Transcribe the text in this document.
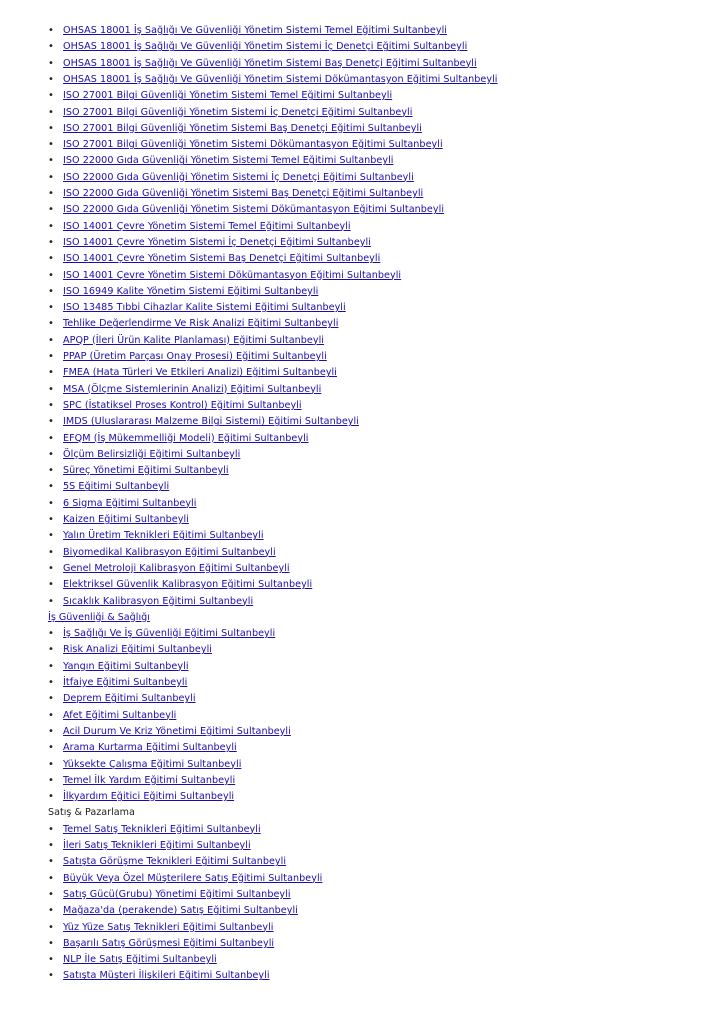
• OHSAS 18001 İş Sağlığı Ve Güvenliği Yönetim Sistemi Temel Eğitimi Sultanbeyli
• OHSAS 18001 İş Sağlığı Ve Güvenliği Yönetim Sistemi İç Denetçi Eğitimi Sultanbeyli
• OHSAS 18001 İş Sağlığı Ve Güvenliği Yönetim Sistemi Baş Denetçi Eğitimi Sultanbeyli
• OHSAS 18001 İş Sağlığı Ve Güvenliği Yönetim Sistemi Dökümantasyon Eğitimi Sultanbeyli
• ISO 27001 Bilgi Güvenliği Yönetim Sistemi Temel Eğitimi Sultanbeyli
• ISO 27001 Bilgi Güvenliği Yönetim Sistemi İç Denetçi Eğitimi Sultanbeyli
• ISO 27001 Bilgi Güvenliği Yönetim Sistemi Baş Denetçi Eğitimi Sultanbeyli
• ISO 27001 Bilgi Güvenliği Yönetim Sistemi Dökümantasyon Eğitimi Sultanbeyli
• ISO 22000 Gıda Güvenliği Yönetim Sistemi Temel Eğitimi Sultanbeyli
• ISO 22000 Gıda Güvenliği Yönetim Sistemi İç Denetçi Eğitimi Sultanbeyli
• ISO 22000 Gıda Güvenliği Yönetim Sistemi Baş Denetçi Eğitimi Sultanbeyli
• ISO 22000 Gıda Güvenliği Yönetim Sistemi Dökümantasyon Eğitimi Sultanbeyli
• ISO 14001 Çevre Yönetim Sistemi Temel Eğitimi Sultanbeyli
• ISO 14001 Çevre Yönetim Sistemi İç Denetçi Eğitimi Sultanbeyli
• ISO 14001 Çevre Yönetim Sistemi Baş Denetçi Eğitimi Sultanbeyli
• ISO 14001 Çevre Yönetim Sistemi Dökümantasyon Eğitimi Sultanbeyli
• ISO 16949 Kalite Yönetim Sistemi Eğitimi Sultanbeyli
• ISO 13485 Tıbbi Cihazlar Kalite Sistemi Eğitimi Sultanbeyli
• Tehlike Değerlendirme Ve Risk Analizi Eğitimi Sultanbeyli
• APQP (İleri Ürün Kalite Planlaması) Eğitimi Sultanbeyli
• PPAP (Üretim Parçası Onay Prosesi) Eğitimi Sultanbeyli
• FMEA (Hata Türleri Ve Etkileri Analizi) Eğitimi Sultanbeyli
• MSA (Ölçme Sistemlerinin Analizi) Eğitimi Sultanbeyli
• SPC (İstatiksel Proses Kontrol) Eğitimi Sultanbeyli
• IMDS (Uluslararası Malzeme Bilgi Sistemi) Eğitimi Sultanbeyli
• EFQM (İş Mükemmelliği Modeli) Eğitimi Sultanbeyli
• Ölçüm Belirsizliği Eğitimi Sultanbeyli
• Süreç Yönetimi Eğitimi Sultanbeyli
• 5S Eğitimi Sultanbeyli
• 6 Sigma Eğitimi Sultanbeyli
• Kaizen Eğitimi Sultanbeyli
• Yalın Üretim Teknikleri Eğitimi Sultanbeyli
• Biyomedikal Kalibrasyon Eğitimi Sultanbeyli
• Genel Metroloji Kalibrasyon Eğitimi Sultanbeyli
• Elektriksel Güvenlik Kalibrasyon Eğitimi Sultanbeyli
• Sıcaklık Kalibrasyon Eğitimi Sultanbeyli
İş Güvenliği & Sağlığı
• İş Sağlığı Ve İş Güvenliği Eğitimi Sultanbeyli
• Risk Analizi Eğitimi Sultanbeyli
• Yangın Eğitimi Sultanbeyli
• İtfaiye Eğitimi Sultanbeyli
• Deprem Eğitimi Sultanbeyli
• Afet Eğitimi Sultanbeyli
• Acil Durum Ve Kriz Yönetimi Eğitimi Sultanbeyli
• Arama Kurtarma Eğitimi Sultanbeyli
• Yüksekte Çalışma Eğitimi Sultanbeyli
• Temel İlk Yardım Eğitimi Sultanbeyli
• İlkyardım Eğitici Eğitimi Sultanbeyli
Satış & Pazarlama
• Temel Satış Teknikleri Eğitimi Sultanbeyli
• İleri Satış Teknikleri Eğitimi Sultanbeyli
• Satışta Görüşme Teknikleri Eğitimi Sultanbeyli
• Büyük Veya Özel Müşterilere Satış Eğitimi Sultanbeyli
• Satış Gücü(Grubu) Yönetimi Eğitimi Sultanbeyli
• Mağaza'da (perakende) Satış Eğitimi Sultanbeyli
• Yüz Yüze Satış Teknikleri Eğitimi Sultanbeyli
• Başarılı Satış Görüşmesi Eğitimi Sultanbeyli
• NLP İle Satış Eğitimi Sultanbeyli
• Satışta Müşteri İlişkileri Eğitimi Sultanbeyli
